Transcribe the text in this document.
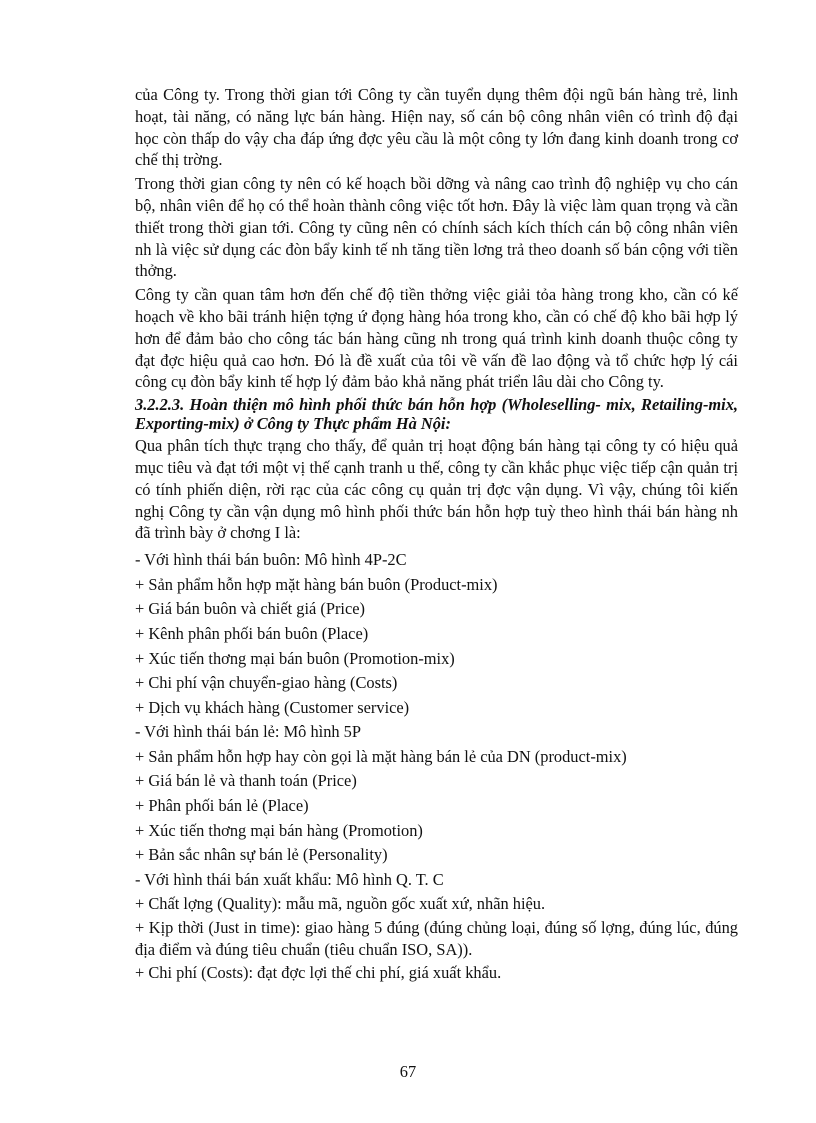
của Công ty. Trong thời gian tới Công ty cần tuyển dụng thêm đội ngũ bán hàng trẻ, linh hoạt, tài năng, có năng lực bán hàng. Hiện nay, số cán bộ công nhân viên có trình độ đại học còn thấp do vậy cha đáp ứng đợc yêu cầu là một công ty lớn đang kinh doanh trong cơ chế thị trờng.

Trong thời gian công ty nên có kế hoạch bồi dỡng và nâng cao trình độ nghiệp vụ cho cán bộ, nhân viên để họ có thể hoàn thành công việc tốt hơn. Đây là việc làm quan trọng và cần thiết trong thời gian tới. Công ty cũng nên có chính sách kích thích cán bộ công nhân viên nh là việc sử dụng các đòn bẩy kinh tế nh tăng tiền lơng trả theo doanh số bán cộng với tiền thởng.

Công ty cần quan tâm hơn đến chế độ tiền thởng việc giải tỏa hàng trong kho, cần có kế hoạch về kho bãi tránh hiện tợng ứ đọng hàng hóa trong kho, cần có chế độ kho bãi hợp lý hơn để đảm bảo cho công tác bán hàng cũng nh trong quá trình kinh doanh thuộc công ty đạt đợc hiệu quả cao hơn. Đó là đề xuất của tôi về vấn đề lao động và tổ chức hợp lý cái công cụ đòn bẩy kinh tế hợp lý đảm bảo khả năng phát triển lâu dài cho Công ty.

3.2.2.3. Hoàn thiện mô hình phối thức bán hỗn hợp (Wholeselling- mix, Retailing-mix, Exporting-mix) ở Công ty Thực phẩm Hà Nội:

Qua phân tích thực trạng cho thấy, để quản trị hoạt động bán hàng tại công ty có hiệu quả mục tiêu và đạt tới một vị thế cạnh tranh u thế, công ty cần khắc phục việc tiếp cận quản trị có tính phiến diện, rời rạc của các công cụ quản trị đợc vận dụng. Vì vậy, chúng tôi kiến nghị Công ty cần vận dụng mô hình phối thức bán hỗn hợp tuỳ theo hình thái bán hàng nh đã trình bày ở chơng I là:

- Với hình thái bán buôn: Mô hình 4P-2C
+ Sản phẩm hỗn hợp mặt hàng bán buôn (Product-mix)
+ Giá bán buôn và chiết giá (Price)
+ Kênh phân phối bán buôn (Place)
+ Xúc tiến thơng mại bán buôn (Promotion-mix)
+ Chi phí vận chuyển-giao hàng (Costs)
+ Dịch vụ khách hàng (Customer service)
- Với hình thái bán lẻ: Mô hình 5P
+ Sản phẩm hỗn hợp hay còn gọi là mặt hàng bán lẻ của DN (product-mix)
+ Giá bán lẻ và thanh toán (Price)
+ Phân phối bán lẻ (Place)
+ Xúc tiến thơng mại bán hàng (Promotion)
+ Bản sắc nhân sự bán lẻ (Personality)
- Với hình thái bán xuất khẩu: Mô hình Q. T. C
+ Chất lợng (Quality): mẫu mã, nguồn gốc xuất xứ, nhãn hiệu.
+ Kịp thời (Just in time): giao hàng 5 đúng (đúng chủng loại, đúng số lợng, đúng lúc, đúng địa điểm và đúng tiêu chuẩn (tiêu chuẩn ISO, SA)).
+ Chi phí (Costs): đạt đợc lợi thế chi phí, giá xuất khẩu.
67
